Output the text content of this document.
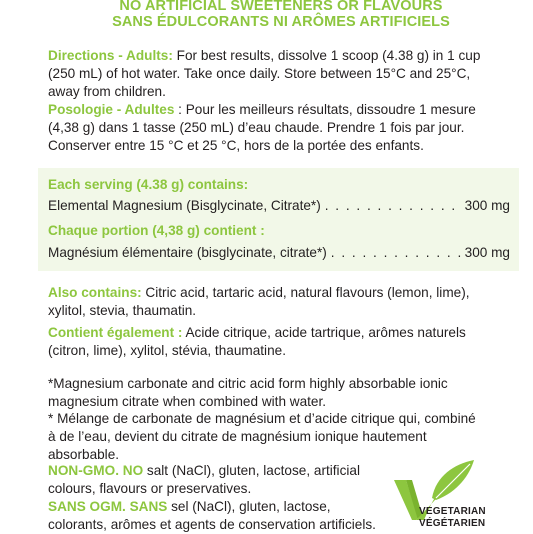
NO ARTIFICIAL SWEETENERS OR FLAVOURS
SANS ÉDULCORANTS NI ARÔMES ARTIFICIELS

Directions - Adults: For best results, dissolve 1 scoop (4.38 g) in 1 cup (250 mL) of hot water. Take once daily. Store between 15°C and 25°C, away from children.

Posologie - Adultes : Pour les meilleurs résultats, dissoudre 1 mesure (4,38 g) dans 1 tasse (250 mL) d’eau chaude. Prendre 1 fois par jour. Conserver entre 15 °C et 25 °C, hors de la portée des enfants.

Each serving (4.38 g) contains:

Elemental Magnesium (Bisglycinate, Citrate*) . . .	300 mg

Chaque portion (4,38 g) contient :

Magnésium élémentaire (bisglycinate, citrate*) . . .	300 mg

Also contains: Citric acid, tartaric acid, natural flavours (lemon, lime), xylitol, stevia, thaumatin.

Contient également : Acide citrique, acide tartrique, arômes naturels (citron, lime), xylitol, stévia, thaumatine.

*Magnesium carbonate and citric acid form highly absorbable ionic magnesium citrate when combined with water.

* Mélange de carbonate de magnésium et d’acide citrique qui, combiné à de l’eau, devient du citrate de magnésium ionique hautement absorbable.

NON-GMO. NO salt (NaCl), gluten, lactose, artificial colours, flavours or preservatives.

SANS OGM. SANS sel (NaCl), gluten, lactose, colorants, arômes et agents de conservation artificiels.

VEGETARIAN
VÉGÉTARIEN
